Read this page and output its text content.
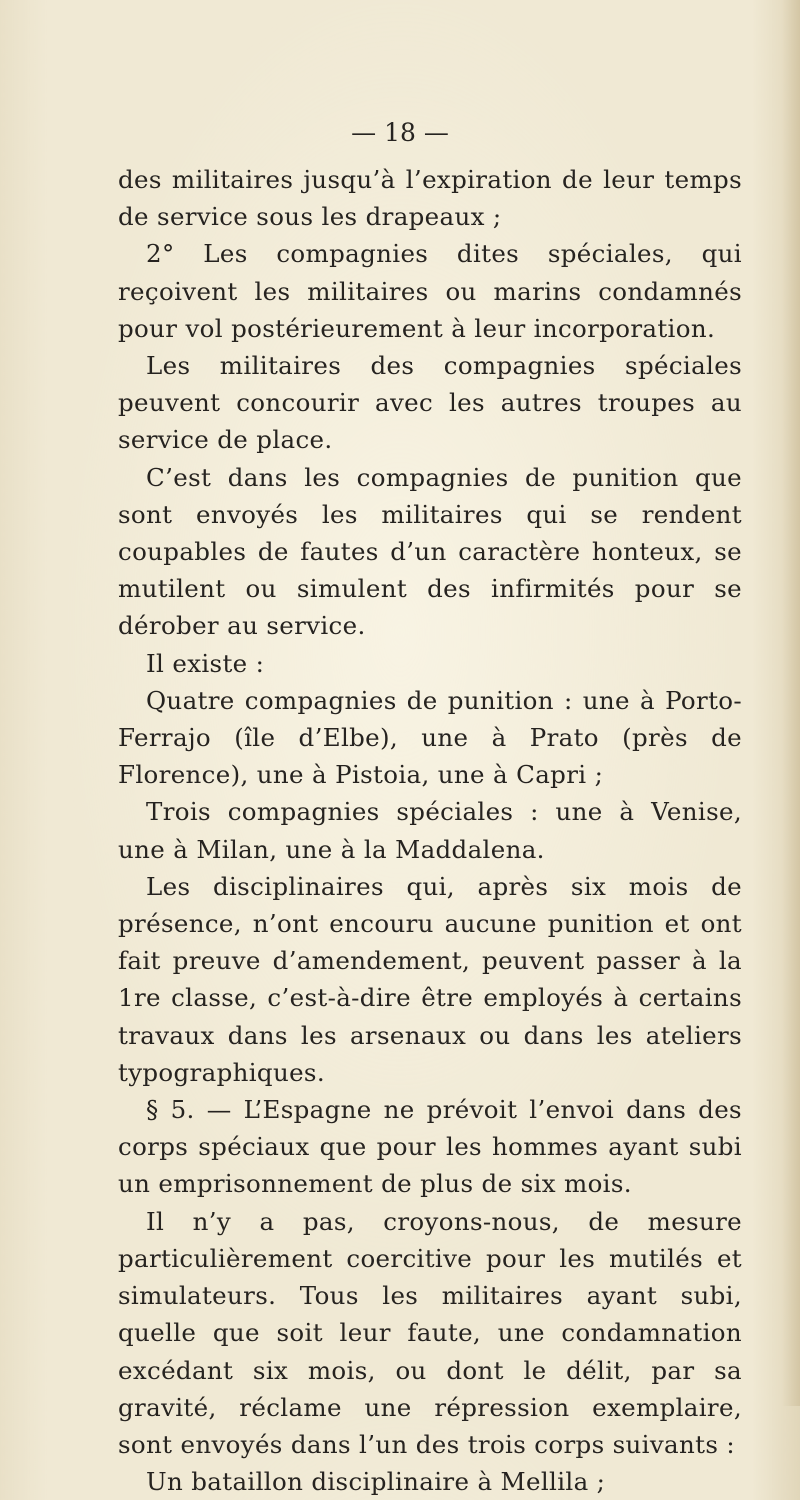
— 18 —

des militaires jusqu’à l’expiration de leur temps de service sous les drapeaux ;

2° Les compagnies dites spéciales, qui reçoivent les militaires ou marins condamnés pour vol postérieurement à leur incorporation.

Les militaires des compagnies spéciales peuvent concourir avec les autres troupes au service de place.

C’est dans les compagnies de punition que sont envoyés les militaires qui se rendent coupables de fautes d’un caractère honteux, se mutilent ou simulent des infirmités pour se dérober au service.

Il existe :

Quatre compagnies de punition : une à Porto-Ferrajo (île d’Elbe), une à Prato (près de Florence), une à Pistoia, une à Capri ;

Trois compagnies spéciales : une à Venise, une à Milan, une à la Maddalena.

Les disciplinaires qui, après six mois de présence, n’ont encouru aucune punition et ont fait preuve d’amendement, peuvent passer à la 1re classe, c’est-à-dire être employés à certains travaux dans les arsenaux ou dans les ateliers typographiques.

§ 5. — L’Espagne ne prévoit l’envoi dans des corps spéciaux que pour les hommes ayant subi un emprisonnement de plus de six mois.

Il n’y a pas, croyons-nous, de mesure particulièrement coercitive pour les mutilés et simulateurs. Tous les militaires ayant subi, quelle que soit leur faute, une condamnation excédant six mois, ou dont le délit, par sa gravité, réclame une répression exemplaire, sont envoyés dans l’un des trois corps suivants :

Un bataillon disciplinaire à Mellila ;
